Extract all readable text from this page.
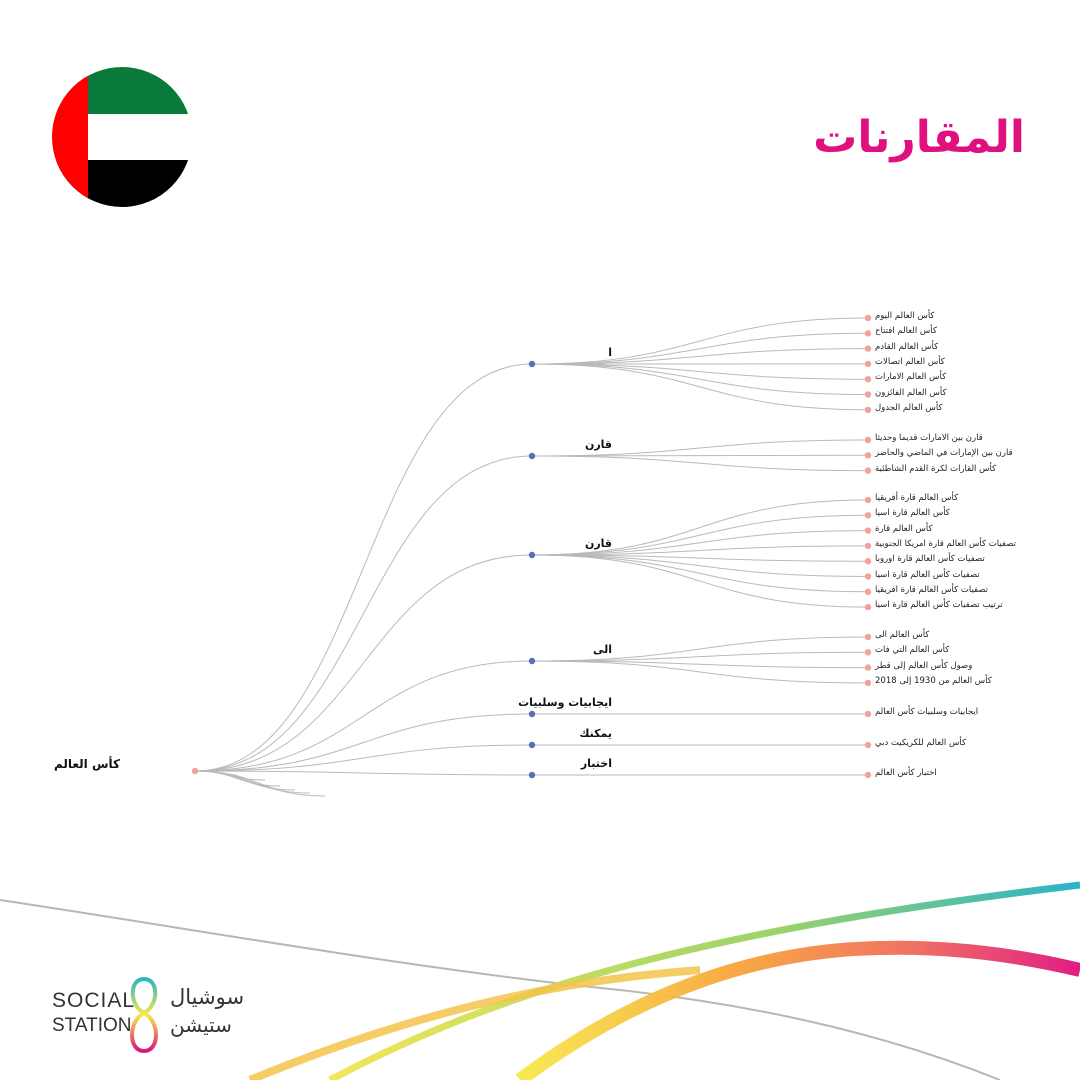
المقارنات
كأس العالم
ا
كأس العالم اليوم
كأس العالم افتتاح
كأس العالم القادم
كأس العالم اتصالات
كأس العالم الامارات
كأس العالم الفائزون
كأس العالم الجدول
قارن	قارن بين الامارات قديما وحديثا
قارن بين الإمارات في الماضي والحاضر
كأس القارات لكرة القدم الشاطئية
قارن
كأس العالم قارة أفريقيا
كأس العالم قارة اسيا
كأس العالم قارة
تصفيات كأس العالم قارة امريكا الجنوبية
تصفيات كأس العالم قارة اوروبا
تصفيات كأس العالم قارة اسيا
تصفيات كأس العالم قارة افريقيا
ترتيب تصفيات كأس العالم قارة اسيا
الى
كأس العالم الى
كأس العالم التي فات
وصول كأس العالم إلى قطر
كأس العالم من 1930 إلى 2018
ايجابيات وسلبيات
ايجابيات وسلبيات كأس العالم
يمكنك
كأس العالم للكريكيت دبي
اختبار
اختبار كأس العالم
SOCIAL
STATION
سوشيال
ستيشن
